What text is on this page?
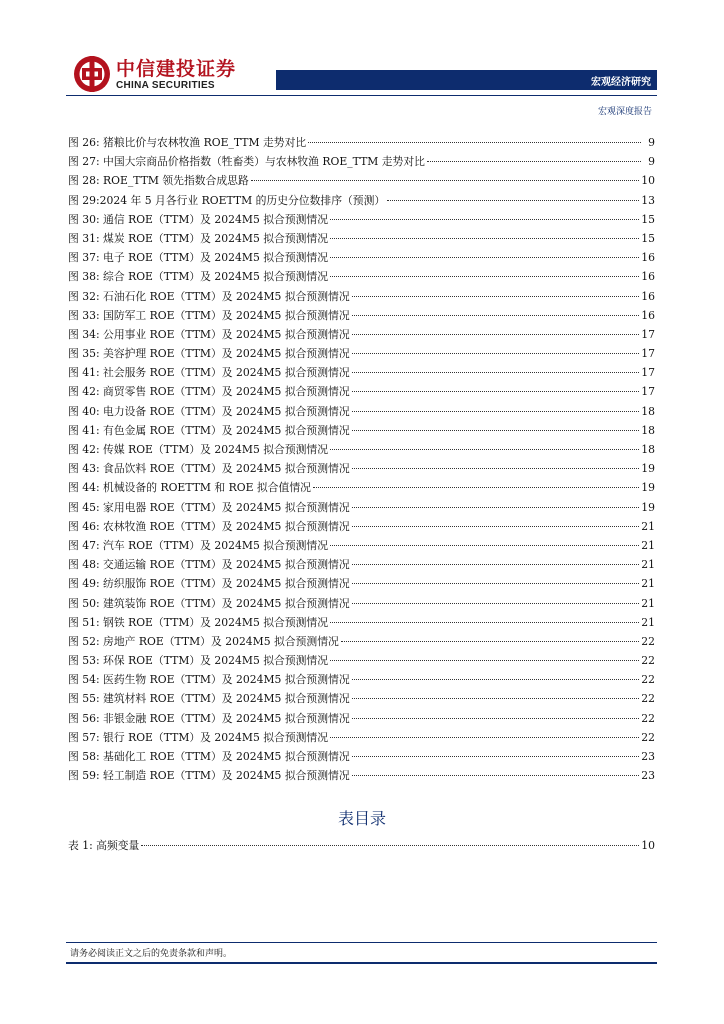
中信建投证券
CHINA SECURITIES	宏观经济研究
宏观深度报告
图 26: 猪粮比价与农林牧渔 ROE_TTM 走势对比	9
图 27: 中国大宗商品价格指数（牲畜类）与农林牧渔 ROE_TTM 走势对比	9
图 28: ROE_TTM 领先指数合成思路	10
图 29:2024 年 5 月各行业 ROETTM 的历史分位数排序（预测）	13
图 30: 通信 ROE（TTM）及 2024M5 拟合预测情况	15
图 31: 煤炭 ROE（TTM）及 2024M5 拟合预测情况	15
图 37: 电子 ROE（TTM）及 2024M5 拟合预测情况	16
图 38: 综合 ROE（TTM）及 2024M5 拟合预测情况	16
图 32: 石油石化 ROE（TTM）及 2024M5 拟合预测情况	16
图 33: 国防军工 ROE（TTM）及 2024M5 拟合预测情况	16
图 34: 公用事业 ROE（TTM）及 2024M5 拟合预测情况	17
图 35: 美容护理 ROE（TTM）及 2024M5 拟合预测情况	17
图 41: 社会服务 ROE（TTM）及 2024M5 拟合预测情况	17
图 42: 商贸零售 ROE（TTM）及 2024M5 拟合预测情况	17
图 40: 电力设备 ROE（TTM）及 2024M5 拟合预测情况	18
图 41: 有色金属 ROE（TTM）及 2024M5 拟合预测情况	18
图 42: 传媒 ROE（TTM）及 2024M5 拟合预测情况	18
图 43: 食品饮料 ROE（TTM）及 2024M5 拟合预测情况	19
图 44: 机械设备的 ROETTM 和 ROE 拟合值情况	19
图 45: 家用电器 ROE（TTM）及 2024M5 拟合预测情况	19
图 46: 农林牧渔 ROE（TTM）及 2024M5 拟合预测情况	21
图 47: 汽车 ROE（TTM）及 2024M5 拟合预测情况	21
图 48: 交通运输 ROE（TTM）及 2024M5 拟合预测情况	21
图 49: 纺织服饰 ROE（TTM）及 2024M5 拟合预测情况	21
图 50: 建筑装饰 ROE（TTM）及 2024M5 拟合预测情况	21
图 51: 钢铁 ROE（TTM）及 2024M5 拟合预测情况	21
图 52: 房地产 ROE（TTM）及 2024M5 拟合预测情况	22
图 53: 环保 ROE（TTM）及 2024M5 拟合预测情况	22
图 54: 医药生物 ROE（TTM）及 2024M5 拟合预测情况	22
图 55: 建筑材料 ROE（TTM）及 2024M5 拟合预测情况	22
图 56: 非银金融 ROE（TTM）及 2024M5 拟合预测情况	22
图 57: 银行 ROE（TTM）及 2024M5 拟合预测情况	22
图 58: 基础化工 ROE（TTM）及 2024M5 拟合预测情况	23
图 59: 轻工制造 ROE（TTM）及 2024M5 拟合预测情况	23
表目录
表 1: 高频变量	10
请务必阅读正文之后的免责条款和声明。
